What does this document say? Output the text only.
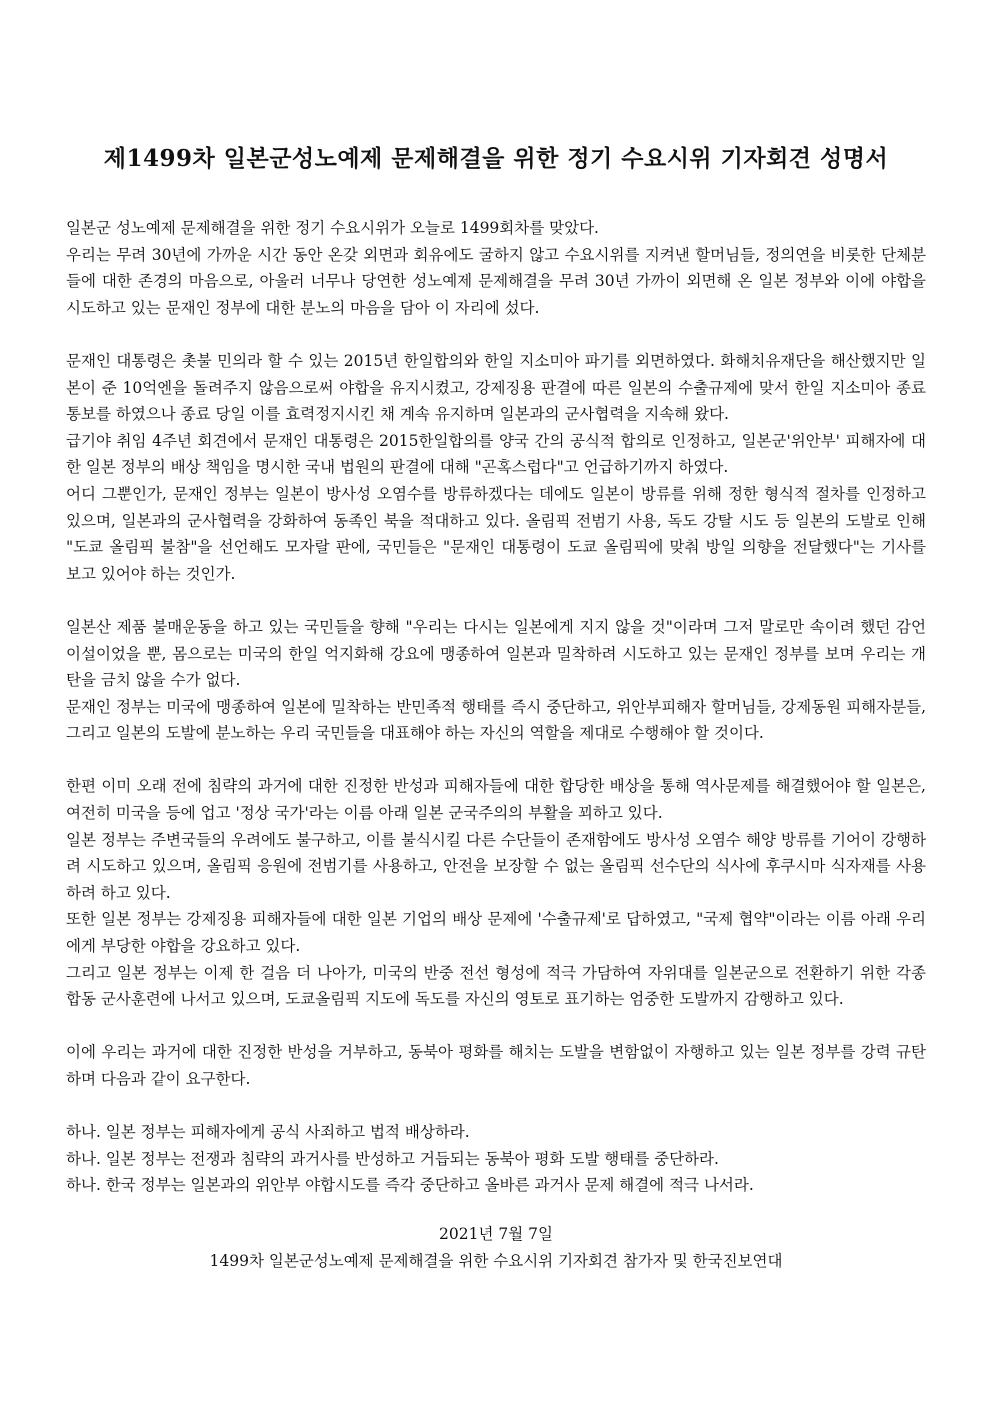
제1499차 일본군성노예제 문제해결을 위한 정기 수요시위 기자회견 성명서

일본군 성노예제 문제해결을 위한 정기 수요시위가 오늘로 1499회차를 맞았다.

우리는 무려 30년에 가까운 시간 동안 온갖 외면과 회유에도 굴하지 않고 수요시위를 지켜낸 할머님들, 정의연을 비롯한 단체분들에 대한 존경의 마음으로, 아울러 너무나 당연한 성노예제 문제해결을 무려 30년 가까이 외면해 온 일본 정부와 이에 야합을 시도하고 있는 문재인 정부에 대한 분노의 마음을 담아 이 자리에 섰다.

문재인 대통령은 촛불 민의라 할 수 있는 2015년 한일합의와 한일 지소미아 파기를 외면하였다. 화해치유재단을 해산했지만 일본이 준 10억엔을 돌려주지 않음으로써 야합을 유지시켰고, 강제징용 판결에 따른 일본의 수출규제에 맞서 한일 지소미아 종료 통보를 하였으나 종료 당일 이를 효력정지시킨 채 계속 유지하며 일본과의 군사협력을 지속해 왔다.

급기야 취임 4주년 회견에서 문재인 대통령은 2015한일합의를 양국 간의 공식적 합의로 인정하고, 일본군'위안부' 피해자에 대한 일본 정부의 배상 책임을 명시한 국내 법원의 판결에 대해 "곤혹스럽다"고 언급하기까지 하였다.

어디 그뿐인가, 문재인 정부는 일본이 방사성 오염수를 방류하겠다는 데에도 일본이 방류를 위해 정한 형식적 절차를 인정하고 있으며, 일본과의 군사협력을 강화하여 동족인 북을 적대하고 있다. 올림픽 전범기 사용, 독도 강탈 시도 등 일본의 도발로 인해 "도쿄 올림픽 불참"을 선언해도 모자랄 판에, 국민들은 "문재인 대통령이 도쿄 올림픽에 맞춰 방일 의향을 전달했다"는 기사를 보고 있어야 하는 것인가.

일본산 제품 불매운동을 하고 있는 국민들을 향해 "우리는 다시는 일본에게 지지 않을 것"이라며 그저 말로만 속이려 했던 감언이설이었을 뿐, 몸으로는 미국의 한일 억지화해 강요에 맹종하여 일본과 밀착하려 시도하고 있는 문재인 정부를 보며 우리는 개탄을 금치 않을 수가 없다.

문재인 정부는 미국에 맹종하여 일본에 밀착하는 반민족적 행태를 즉시 중단하고, 위안부피해자 할머님들, 강제동원 피해자분들, 그리고 일본의 도발에 분노하는 우리 국민들을 대표해야 하는 자신의 역할을 제대로 수행해야 할 것이다.

한편 이미 오래 전에 침략의 과거에 대한 진정한 반성과 피해자들에 대한 합당한 배상을 통해 역사문제를 해결했어야 할 일본은, 여전히 미국을 등에 업고 '정상 국가'라는 이름 아래 일본 군국주의의 부활을 꾀하고 있다.

일본 정부는 주변국들의 우려에도 불구하고, 이를 불식시킬 다른 수단들이 존재함에도 방사성 오염수 해양 방류를 기어이 강행하려 시도하고 있으며, 올림픽 응원에 전범기를 사용하고, 안전을 보장할 수 없는 올림픽 선수단의 식사에 후쿠시마 식자재를 사용하려 하고 있다.

또한 일본 정부는 강제징용 피해자들에 대한 일본 기업의 배상 문제에 '수출규제'로 답하였고, "국제 협약"이라는 이름 아래 우리에게 부당한 야합을 강요하고 있다.

그리고 일본 정부는 이제 한 걸음 더 나아가, 미국의 반중 전선 형성에 적극 가담하여 자위대를 일본군으로 전환하기 위한 각종 합동 군사훈련에 나서고 있으며, 도쿄올림픽 지도에 독도를 자신의 영토로 표기하는 엄중한 도발까지 감행하고 있다.

이에 우리는 과거에 대한 진정한 반성을 거부하고, 동북아 평화를 해치는 도발을 변함없이 자행하고 있는 일본 정부를 강력 규탄하며 다음과 같이 요구한다.

하나. 일본 정부는 피해자에게 공식 사죄하고 법적 배상하라.

하나. 일본 정부는 전쟁과 침략의 과거사를 반성하고 거듭되는 동북아 평화 도발 행태를 중단하라.

하나. 한국 정부는 일본과의 위안부 야합시도를 즉각 중단하고 올바른 과거사 문제 해결에 적극 나서라.

2021년 7월 7일
1499차 일본군성노예제 문제해결을 위한 수요시위 기자회견 참가자 및 한국진보연대
